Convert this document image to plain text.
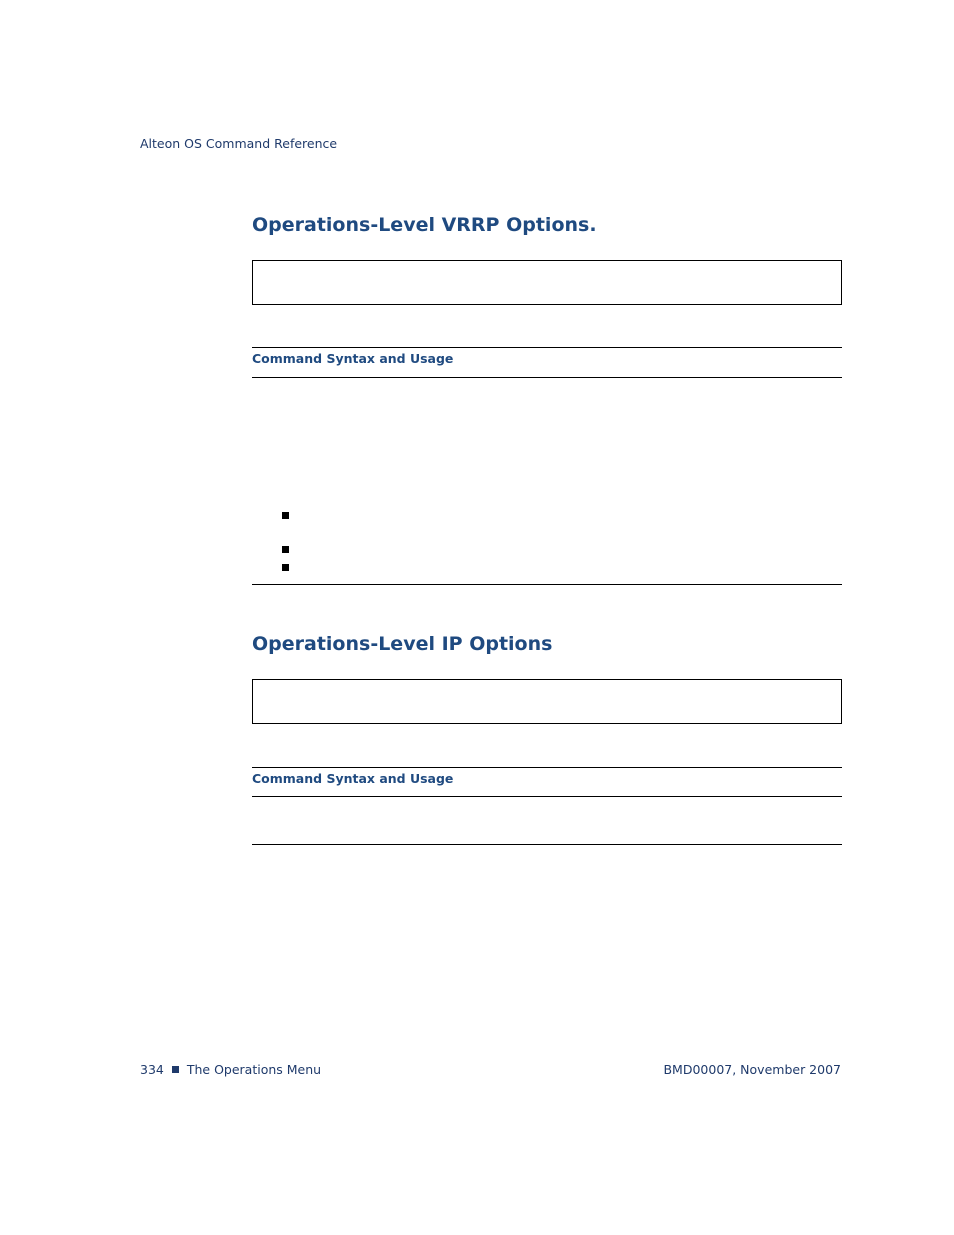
Alteon OS Command Reference
Operations-Level VRRP Options.
Command Syntax and Usage
Operations-Level IP Options
Command Syntax and Usage
334 The Operations Menu	BMD00007, November 2007
